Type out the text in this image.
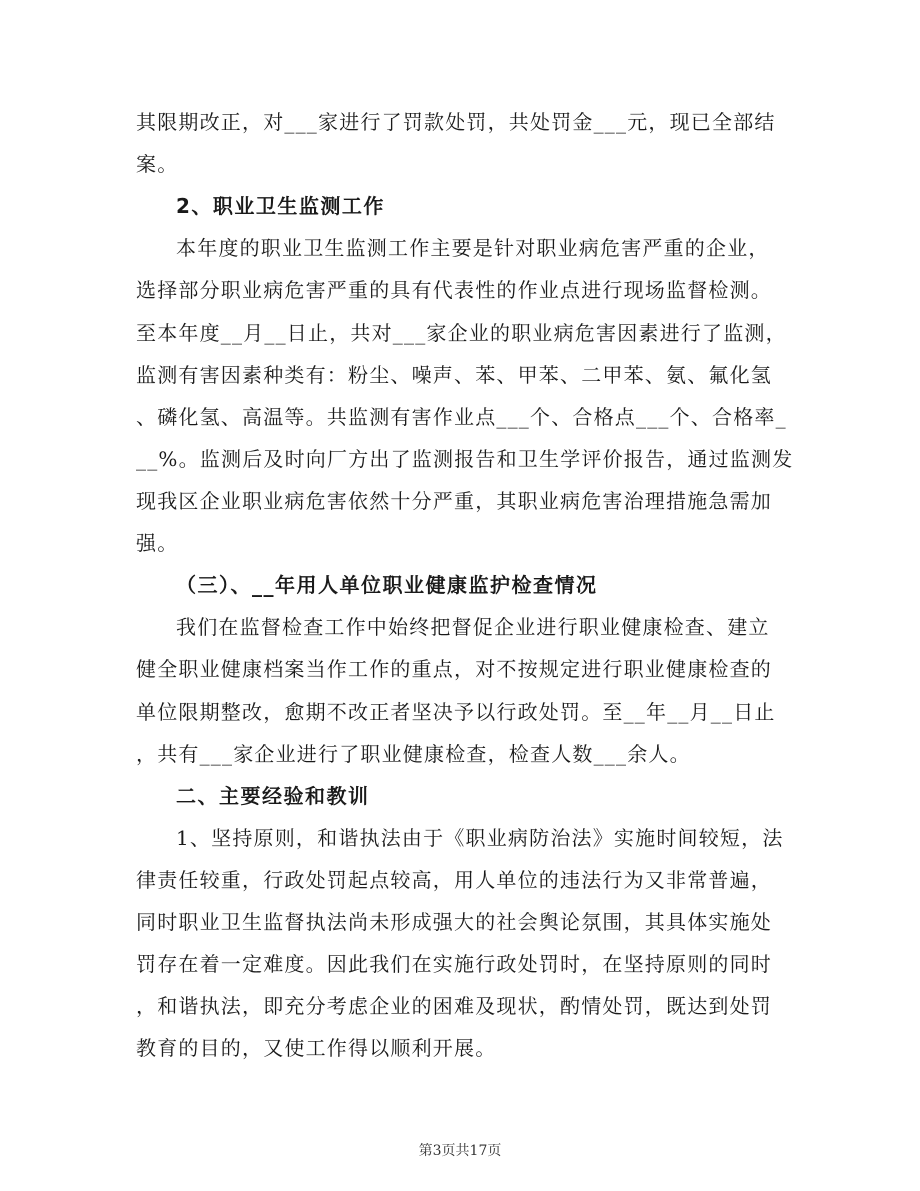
其限期改正，对___家进行了罚款处罚，共处罚金___元，现已全部结
案。
2、职业卫生监测工作
本年度的职业卫生监测工作主要是针对职业病危害严重的企业，
选择部分职业病危害严重的具有代表性的作业点进行现场监督检测。
至本年度__月__日止，共对___家企业的职业病危害因素进行了监测，
监测有害因素种类有：粉尘、噪声、苯、甲苯、二甲苯、氨、氟化氢
、磷化氢、高温等。共监测有害作业点___个、合格点___个、合格率_
__%。监测后及时向厂方出了监测报告和卫生学评价报告，通过监测发
现我区企业职业病危害依然十分严重，其职业病危害治理措施急需加
强。
（三）、__年用人单位职业健康监护检查情况
我们在监督检查工作中始终把督促企业进行职业健康检查、建立
健全职业健康档案当作工作的重点，对不按规定进行职业健康检查的
单位限期整改，愈期不改正者坚决予以行政处罚。至__年__月__日止
，共有___家企业进行了职业健康检查，检查人数___余人。
二、主要经验和教训
1、坚持原则，和谐执法由于《职业病防治法》实施时间较短，法
律责任较重，行政处罚起点较高，用人单位的违法行为又非常普遍，
同时职业卫生监督执法尚未形成强大的社会舆论氛围，其具体实施处
罚存在着一定难度。因此我们在实施行政处罚时，在坚持原则的同时
，和谐执法，即充分考虑企业的困难及现状，酌情处罚，既达到处罚
教育的目的，又使工作得以顺利开展。
第3页共17页
